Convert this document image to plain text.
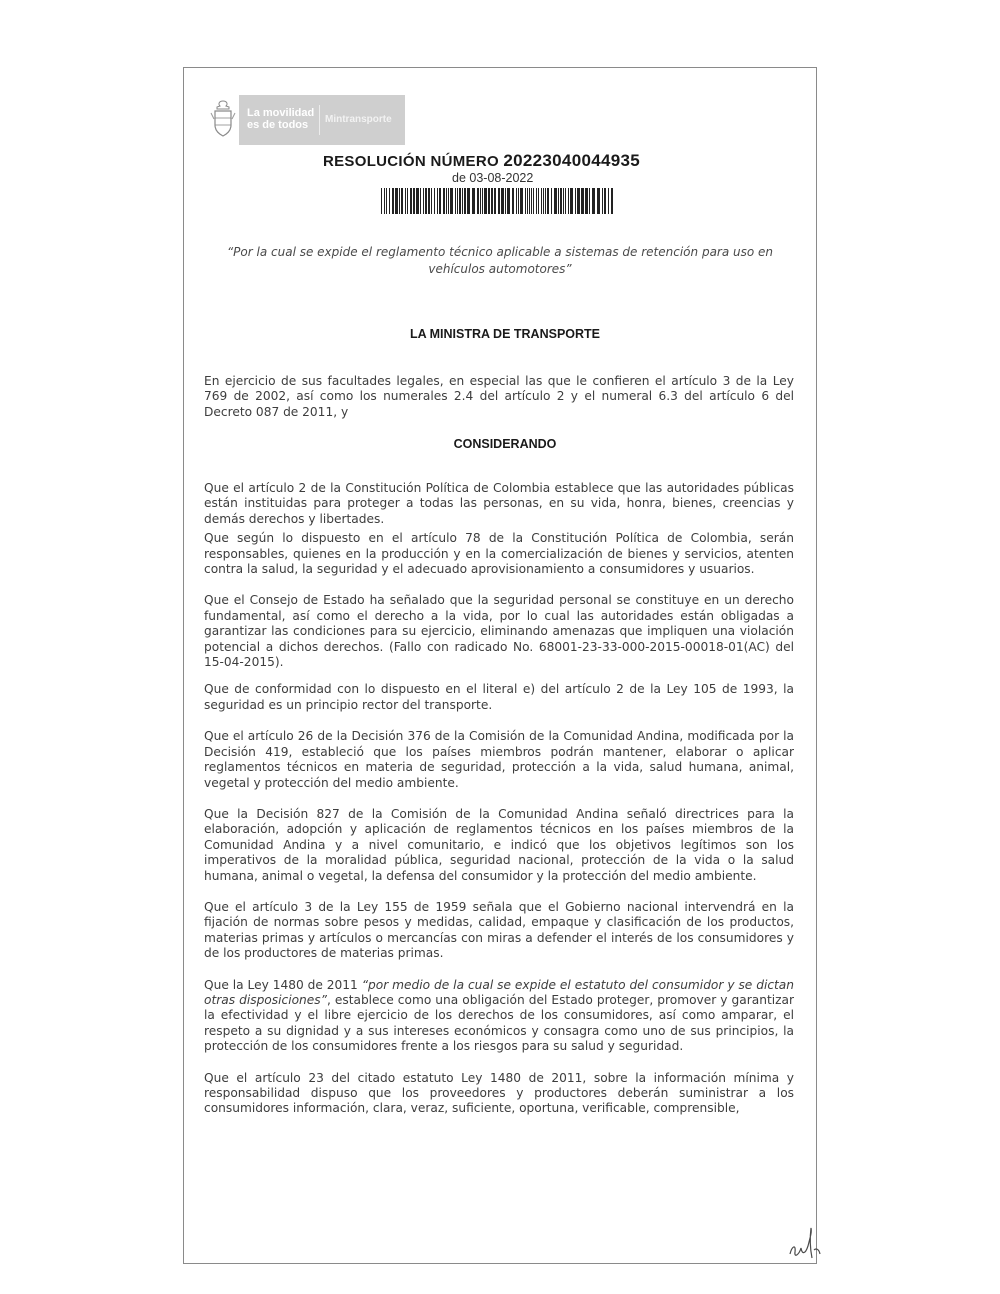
La movilidad
es de todos Mintransporte
RESOLUCIÓN NÚMERO 20223040044935
de 03-08-2022
“Por la cual se expide el reglamento técnico aplicable a sistemas de retención para uso en vehículos automotores”
LA MINISTRA DE TRANSPORTE

En ejercicio de sus facultades legales, en especial las que le confieren el artículo 3 de la Ley 769 de 2002, así como los numerales 2.4 del artículo 2 y el numeral 6.3 del artículo 6 del Decreto 087 de 2011, y

CONSIDERANDO

Que el artículo 2 de la Constitución Política de Colombia establece que las autoridades públicas están instituidas para proteger a todas las personas, en su vida, honra, bienes, creencias y demás derechos y libertades.

Que según lo dispuesto en el artículo 78 de la Constitución Política de Colombia, serán responsables, quienes en la producción y en la comercialización de bienes y servicios, atenten contra la salud, la seguridad y el adecuado aprovisionamiento a consumidores y usuarios.

Que el Consejo de Estado ha señalado que la seguridad personal se constituye en un derecho fundamental, así como el derecho a la vida, por lo cual las autoridades están obligadas a garantizar las condiciones para su ejercicio, eliminando amenazas que impliquen una violación potencial a dichos derechos. (Fallo con radicado No. 68001-23-33-000-2015-00018-01(AC) del 15-04-2015).

Que de conformidad con lo dispuesto en el literal e) del artículo 2 de la Ley 105 de 1993, la seguridad es un principio rector del transporte.

Que el artículo 26 de la Decisión 376 de la Comisión de la Comunidad Andina, modificada por la Decisión 419, estableció que los países miembros podrán mantener, elaborar o aplicar reglamentos técnicos en materia de seguridad, protección a la vida, salud humana, animal, vegetal y protección del medio ambiente.

Que la Decisión 827 de la Comisión de la Comunidad Andina señaló directrices para la elaboración, adopción y aplicación de reglamentos técnicos en los países miembros de la Comunidad Andina y a nivel comunitario, e indicó que los objetivos legítimos son los imperativos de la moralidad pública, seguridad nacional, protección de la vida o la salud humana, animal o vegetal, la defensa del consumidor y la protección del medio ambiente.

Que el artículo 3 de la Ley 155 de 1959 señala que el Gobierno nacional intervendrá en la fijación de normas sobre pesos y medidas, calidad, empaque y clasificación de los productos, materias primas y artículos o mercancías con miras a defender el interés de los consumidores y de los productores de materias primas.

Que la Ley 1480 de 2011 “por medio de la cual se expide el estatuto del consumidor y se dictan otras disposiciones”, establece como una obligación del Estado proteger, promover y garantizar la efectividad y el libre ejercicio de los derechos de los consumidores, así como amparar, el respeto a su dignidad y a sus intereses económicos y consagra como uno de sus principios, la protección de los consumidores frente a los riesgos para su salud y seguridad.

Que el artículo 23 del citado estatuto Ley 1480 de 2011, sobre la información mínima y responsabilidad dispuso que los proveedores y productores deberán suministrar a los consumidores información, clara, veraz, suficiente, oportuna, verificable, comprensible,
